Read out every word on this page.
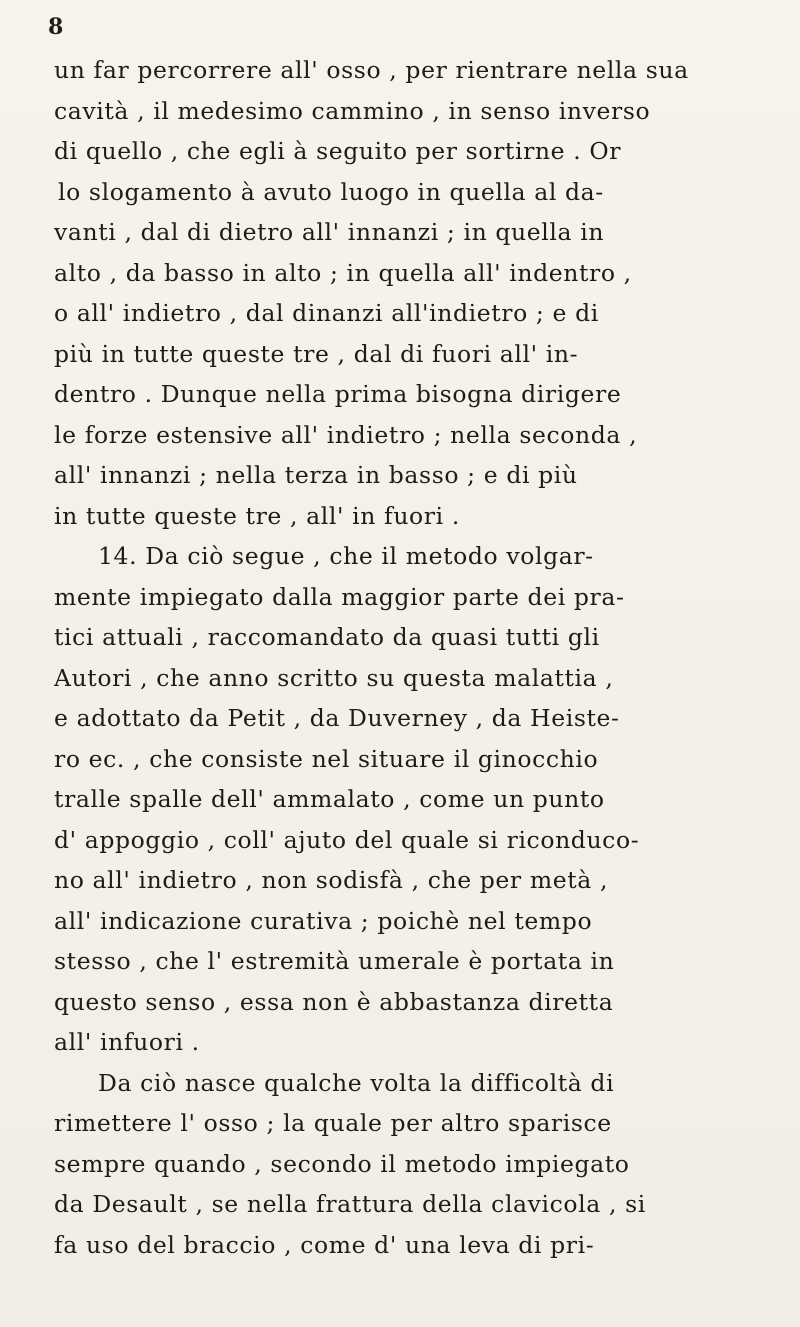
8
un far percorrere all' osso , per rientrare nella sua
cavità , il medesimo cammino , in senso inverso
di quello , che egli à seguito per sortirne . Or
lo slogamento à avuto luogo in quella al da-
vanti , dal di dietro all' innanzi ; in quella in
alto , da basso in alto ; in quella all' indentro ,
o all' indietro , dal dinanzi all'indietro ; e di
più in tutte queste tre , dal di fuori all' in-
dentro . Dunque nella prima bisogna dirigere
le forze estensive all' indietro ; nella seconda ,
all' innanzi ; nella terza in basso ; e di più
in tutte queste tre , all' in fuori .
14. Da ciò segue , che il metodo volgar-
mente impiegato dalla maggior parte dei pra-
tici attuali , raccomandato da quasi tutti gli
Autori , che anno scritto su questa malattia ,
e adottato da Petit , da Duverney , da Heiste-
ro ec. , che consiste nel situare il ginocchio
tralle spalle dell' ammalato , come un punto
d' appoggio , coll' ajuto del quale si riconduco-
no all' indietro , non sodisfà , che per metà ,
all' indicazione curativa ; poichè nel tempo
stesso , che l' estremità umerale è portata in
questo senso , essa non è abbastanza diretta
all' infuori .
Da ciò nasce qualche volta la difficoltà di
rimettere l' osso ; la quale per altro sparisce
sempre quando , secondo il metodo impiegato
da Desault , se nella frattura della clavicola , si
fa uso del braccio , come d' una leva di pri-
